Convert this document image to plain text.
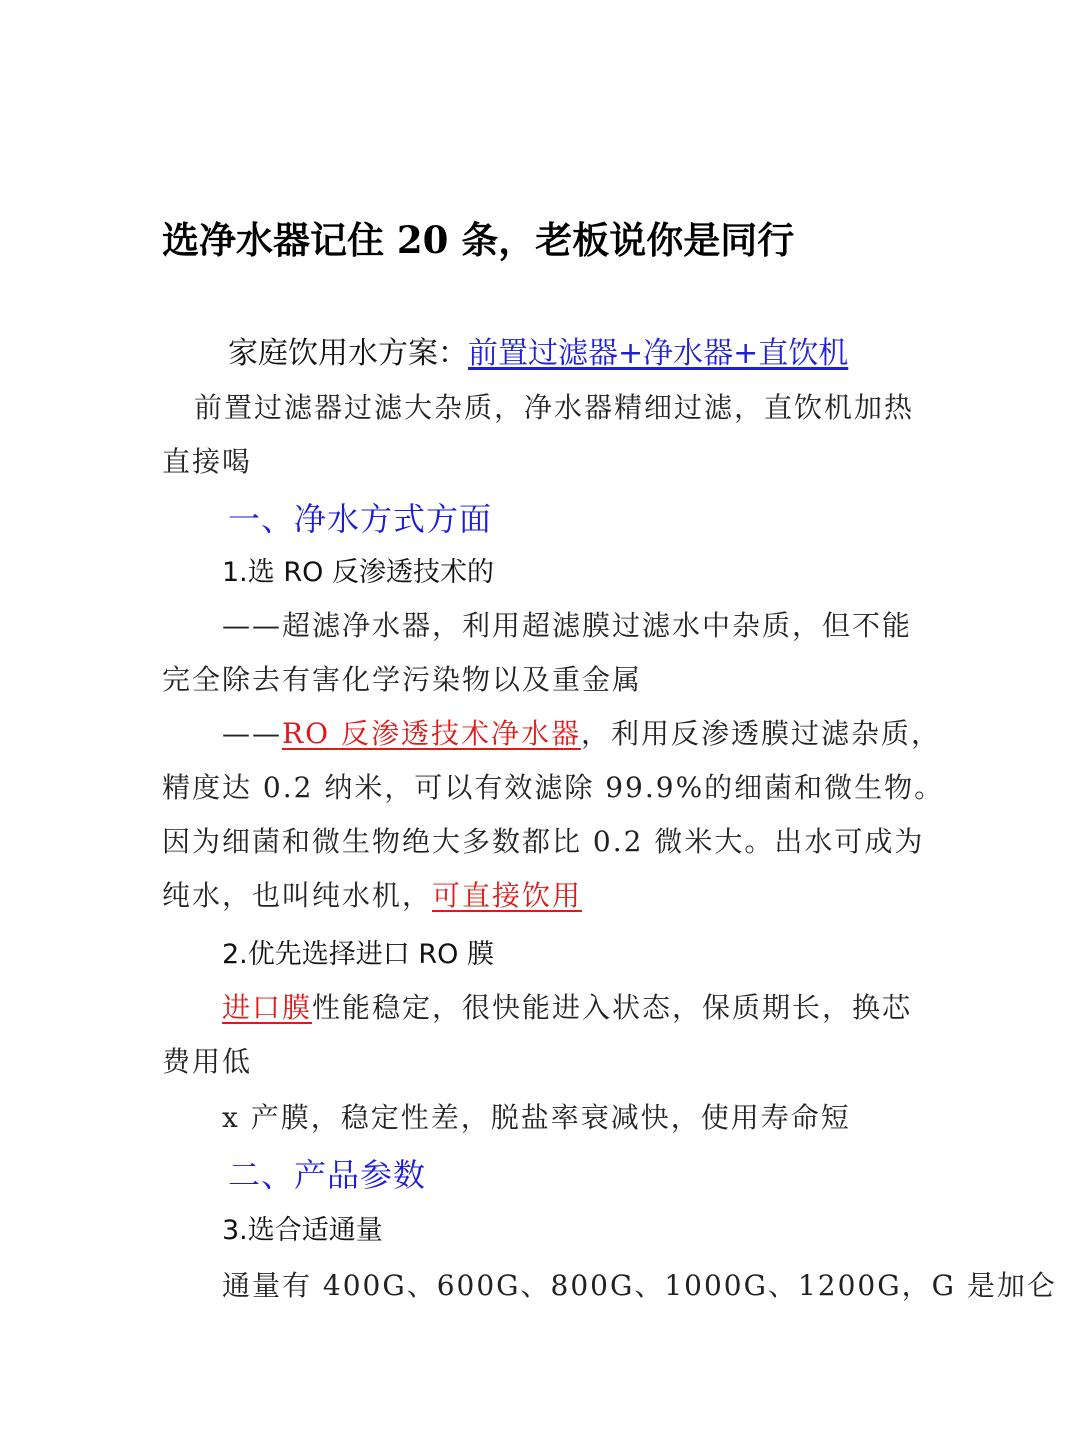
选净水器记住 20 条，老板说你是同行
家庭饮用水方案：前置过滤器+净水器+直饮机
前置过滤器过滤大杂质，净水器精细过滤，直饮机加热
直接喝
一、净水方式方面
1.选 RO 反渗透技术的
——超滤净水器，利用超滤膜过滤水中杂质，但不能
完全除去有害化学污染物以及重金属
——RO 反渗透技术净水器，利用反渗透膜过滤杂质，
精度达 0.2 纳米，可以有效滤除 99.9%的细菌和微生物。
因为细菌和微生物绝大多数都比 0.2 微米大。出水可成为
纯水，也叫纯水机，可直接饮用
2.优先选择进口 RO 膜
进口膜性能稳定，很快能进入状态，保质期长，换芯
费用低
x 产膜，稳定性差，脱盐率衰减快，使用寿命短
二、产品参数
3.选合适通量
通量有 400G、600G、800G、1000G、1200G，G 是加仑
